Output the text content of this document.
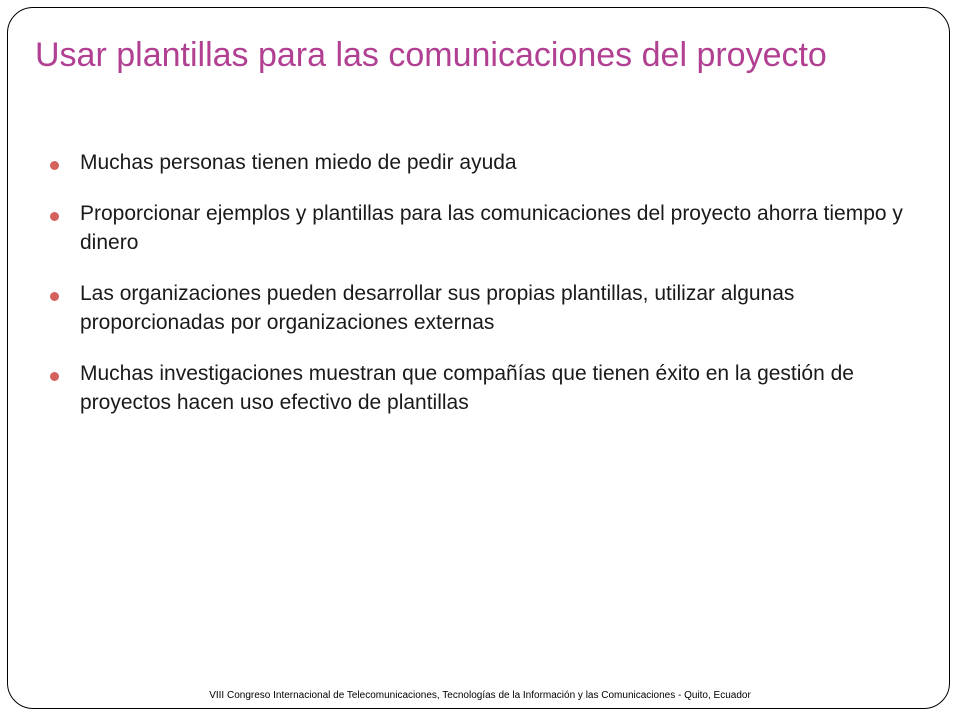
Usar plantillas para las comunicaciones del proyecto
Muchas personas tienen miedo de pedir ayuda
Proporcionar ejemplos y plantillas para las comunicaciones del proyecto ahorra tiempo y dinero
Las organizaciones pueden desarrollar sus propias plantillas, utilizar algunas proporcionadas por organizaciones externas
Muchas investigaciones muestran que compañías que tienen éxito en la gestión de proyectos hacen uso efectivo de plantillas
VIII Congreso Internacional de Telecomunicaciones, Tecnologías de la Información y las Comunicaciones - Quito, Ecuador
